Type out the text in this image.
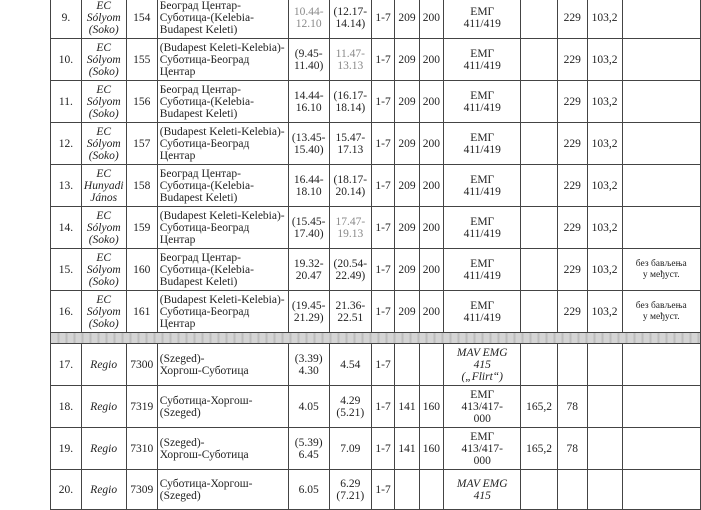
9.	EC
Sólyom
(Soko)	154	Београд Центар-
Суботица-(Kelebia-
Budapest Keleti)	10.44-
12.10	(12.17-
14.14)	1-7	209	200	ЕМГ
411/419		229	103,2	
10.	EC
Sólyom
(Soko)	155	(Budapest Keleti-Kelebia)-
Суботица-Београд Центар	(9.45-
11.40)	11.47-
13.13	1-7	209	200	ЕМГ
411/419		229	103,2	
11.	EC
Sólyom
(Soko)	156	Београд Центар-
Суботица-(Kelebia-
Budapest Keleti)	14.44-
16.10	(16.17-
18.14)	1-7	209	200	ЕМГ
411/419		229	103,2	
12.	EC
Sólyom
(Soko)	157	(Budapest Keleti-Kelebia)-
Суботица-Београд Центар	(13.45-
15.40)	15.47-
17.13	1-7	209	200	ЕМГ
411/419		229	103,2	
13.	EC
Hunyadi
János	158	Београд Центар-
Суботица-(Kelebia-
Budapest Keleti)	16.44-
18.10	(18.17-
20.14)	1-7	209	200	ЕМГ
411/419		229	103,2	
14.	EC
Sólyom
(Soko)	159	(Budapest Keleti-Kelebia)-
Суботица-Београд Центар	(15.45-
17.40)	17.47-
19.13	1-7	209	200	ЕМГ
411/419		229	103,2	
15.	EC
Sólyom
(Soko)	160	Београд Центар-
Суботица-(Kelebia-
Budapest Keleti)	19.32-
20.47	(20.54-
22.49)	1-7	209	200	ЕМГ
411/419		229	103,2	без бављења
у међуст.
16.	EC
Sólyom
(Soko)	161	(Budapest Keleti-Kelebia)-
Суботица-Београд Центар	(19.45-
21.29)	21.36-
22.51	1-7	209	200	ЕМГ
411/419		229	103,2	без бављења
у међуст.

17.	Regio	7300	(Szeged)-
Хоргош-Суботица	(3.39)
4.30	4.54	1-7			MAV EMG
415
(„Flirt“)				
18.	Regio	7319	Суботица-Хоргош-
(Szeged)	4.05	4.29
(5.21)	1-7	141	160	ЕМГ
413/417-
000	165,2	78		
19.	Regio	7310	(Szeged)-
Хоргош-Суботица	(5.39)
6.45	7.09	1-7	141	160	ЕМГ
413/417-
000	165,2	78		
20.	Regio	7309	Суботица-Хоргош-
(Szeged)	6.05	6.29
(7.21)	1-7			MAV EMG
415				
